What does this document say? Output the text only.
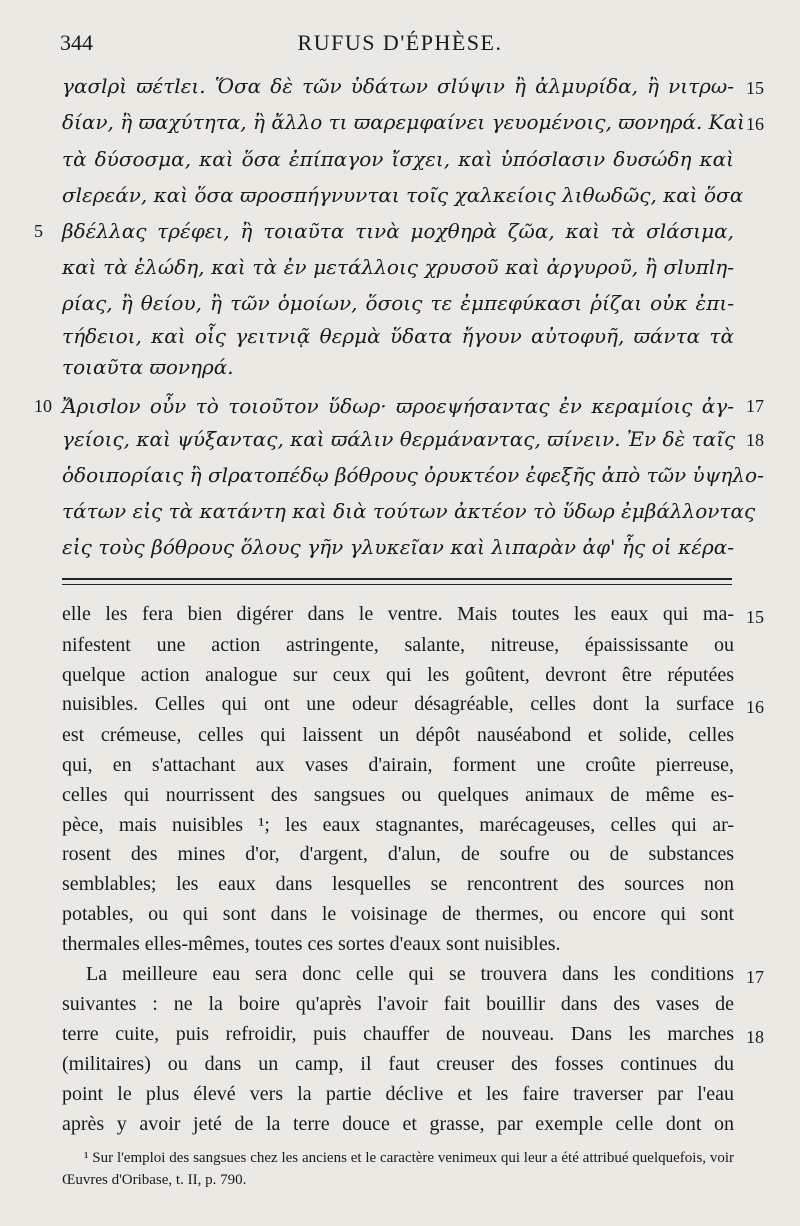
344	RUFUS D'ÉPHÈSE.
γασlρὶ ϖέτlει. Ὅσα δὲ τῶν ὑδάτων σlύψιν ἢ ἀλμυρίδα, ἢ νιτρω-
δίαν, ἢ ϖαχύτητα, ἢ ἄλλο τι ϖαρεμφαίνει γευομένοις, ϖονηρά. Καὶ
τὰ δύσοσμα, καὶ ὅσα ἐπίπαγον ἴσχει, καὶ ὑπόσlασιν δυσώδη καὶ
σlερεάν, καὶ ὅσα ϖροσπήγνυνται τοῖς χαλκείοις λιθωδῶς, καὶ ὅσα
βδέλλας τρέφει, ἢ τοιαῦτα τινὰ μοχθηρὰ ζῶα, καὶ τὰ σlάσιμα,
καὶ τὰ ἑλώδη, καὶ τὰ ἐν μετάλλοις χρυσοῦ καὶ ἀργυροῦ, ἢ σlυπlη-
ρίας, ἢ θείου, ἢ τῶν ὁμοίων, ὅσοις τε ἐμπεφύκασι ῥίζαι οὐκ ἐπι-
τήδειοι, καὶ οἷς γειτνιᾷ θερμὰ ὕδατα ἤγουν αὐτοφυῆ, ϖάντα τὰ
τοιαῦτα ϖονηρά.
Ἄρισlον οὖν τὸ τοιοῦτον ὕδωρ· ϖροεψήσαντας ἐν κεραμίοις ἀγ-
γείοις, καὶ ψύξαντας, καὶ ϖάλιν θερμάναντας, ϖίνειν. Ἐν δὲ ταῖς
ὁδοιπορίαις ἢ σlρατοπέδῳ βόθρους ὀρυκτέον ἐφεξῆς ἀπὸ τῶν ὑψηλο-
τάτων εἰς τὰ κατάντη καὶ διὰ τούτων ἀκτέον τὸ ὕδωρ ἐμβάλλοντας
εἰς τοὺς βόθρους ὅλους γῆν γλυκεῖαν καὶ λιπαρὰν ἀφ' ἧς οἱ κέρα-
15
16
5
10	17
18
elle les fera bien digérer dans le ventre. Mais toutes les eaux qui ma-
nifestent une action astringente, salante, nitreuse, épaississante ou
quelque action analogue sur ceux qui les goûtent, devront être réputées
nuisibles. Celles qui ont une odeur désagréable, celles dont la surface
est crémeuse, celles qui laissent un dépôt nauséabond et solide, celles
qui, en s'attachant aux vases d'airain, forment une croûte pierreuse,
celles qui nourrissent des sangsues ou quelques animaux de même es-
pèce, mais nuisibles ¹; les eaux stagnantes, marécageuses, celles qui ar-
rosent des mines d'or, d'argent, d'alun, de soufre ou de substances
semblables; les eaux dans lesquelles se rencontrent des sources non
potables, ou qui sont dans le voisinage de thermes, ou encore qui sont
thermales elles-mêmes, toutes ces sortes d'eaux sont nuisibles.
La meilleure eau sera donc celle qui se trouvera dans les conditions
suivantes : ne la boire qu'après l'avoir fait bouillir dans des vases de
terre cuite, puis refroidir, puis chauffer de nouveau. Dans les marches
(militaires) ou dans un camp, il faut creuser des fosses continues du
point le plus élevé vers la partie déclive et les faire traverser par l'eau
après y avoir jeté de la terre douce et grasse, par exemple celle dont on
15
16
17
18
¹ Sur l'emploi des sangsues chez les anciens et le caractère venimeux qui leur a été attribué quelquefois, voir Œuvres d'Oribase, t. II, p. 790.
